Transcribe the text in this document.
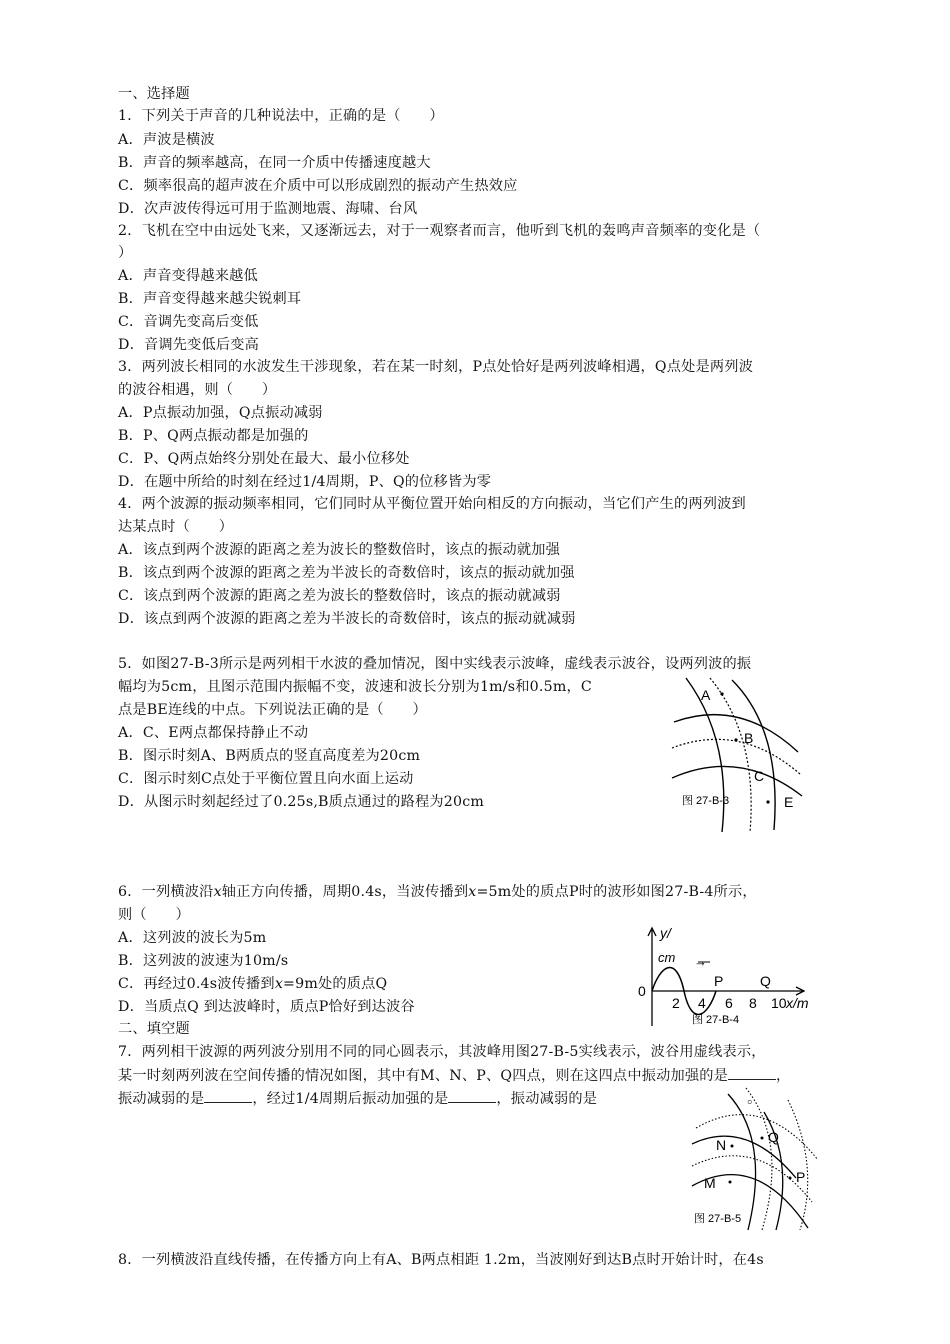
一、选择题
1．下列关于声音的几种说法中，正确的是（　　）
A．声波是横波
B．声音的频率越高，在同一介质中传播速度越大
C．频率很高的超声波在介质中可以形成剧烈的振动产生热效应
D．次声波传得远可用于监测地震、海啸、台风
2．飞机在空中由远处飞来，又逐渐远去，对于一观察者而言，他听到飞机的轰鸣声音频率的变化是（
）
A．声音变得越来越低
B．声音变得越来越尖锐刺耳
C．音调先变高后变低
D．音调先变低后变高
3．两列波长相同的水波发生干涉现象，若在某一时刻，P点处恰好是两列波峰相遇，Q点处是两列波
的波谷相遇，则（　　）
A．P点振动加强，Q点振动减弱
B．P、Q两点振动都是加强的
C．P、Q两点始终分别处在最大、最小位移处
D．在题中所给的时刻在经过1/4周期，P、Q的位移皆为零
4．两个波源的振动频率相同，它们同时从平衡位置开始向相反的方向振动，当它们产生的两列波到
达某点时（　　）
A．该点到两个波源的距离之差为波长的整数倍时，该点的振动就加强
B．该点到两个波源的距离之差为半波长的奇数倍时，该点的振动就加强
C．该点到两个波源的距离之差为波长的整数倍时，该点的振动就减弱
D．该点到两个波源的距离之差为半波长的奇数倍时，该点的振动就减弱
5．如图27-B-3所示是两列相干水波的叠加情况，图中实线表示波峰，虚线表示波谷，设两列波的振
幅均为5cm，且图示范围内振幅不变，波速和波长分别为1m/s和0.5m，C
点是BE连线的中点。下列说法正确的是（　　）
A．C、E两点都保持静止不动
B．图示时刻A、B两质点的竖直高度差为20cm
C．图示时刻C点处于平衡位置且向水面上运动
D．从图示时刻起经过了0.25s,B质点通过的路程为20cm
A
B
C
E
图 27-B-3
6．一列横波沿x轴正方向传播，周期0.4s，当波传播到x=5m处的质点P时的波形如图27-B-4所示，
则（　　）
A．这列波的波长为5m
B．这列波的波速为10m/s
C．再经过0.4s波传播到x=9m处的质点Q
D．当质点Q 到达波峰时，质点P恰好到达波谷
y/
cm →
0
P	Q
2 4 6 8 10 x/m
图 27-B-4
二、填空题
7．两列相干波源的两列波分别用不同的同心圆表示，其波峰用图27-B-5实线表示，波谷用虚线表示，
某一时刻两列波在空间传播的情况如图，其中有M、N、P、Q四点，则在这四点中振动加强的是	，
振动减弱的是	，经过1/4周期后振动加强的是	，振动减弱的是	。
N	Q
M	P
图 27-B-5
8．一列横波沿直线传播，在传播方向上有A、B两点相距 1.2m，当波刚好到达B点时开始计时，在4s
